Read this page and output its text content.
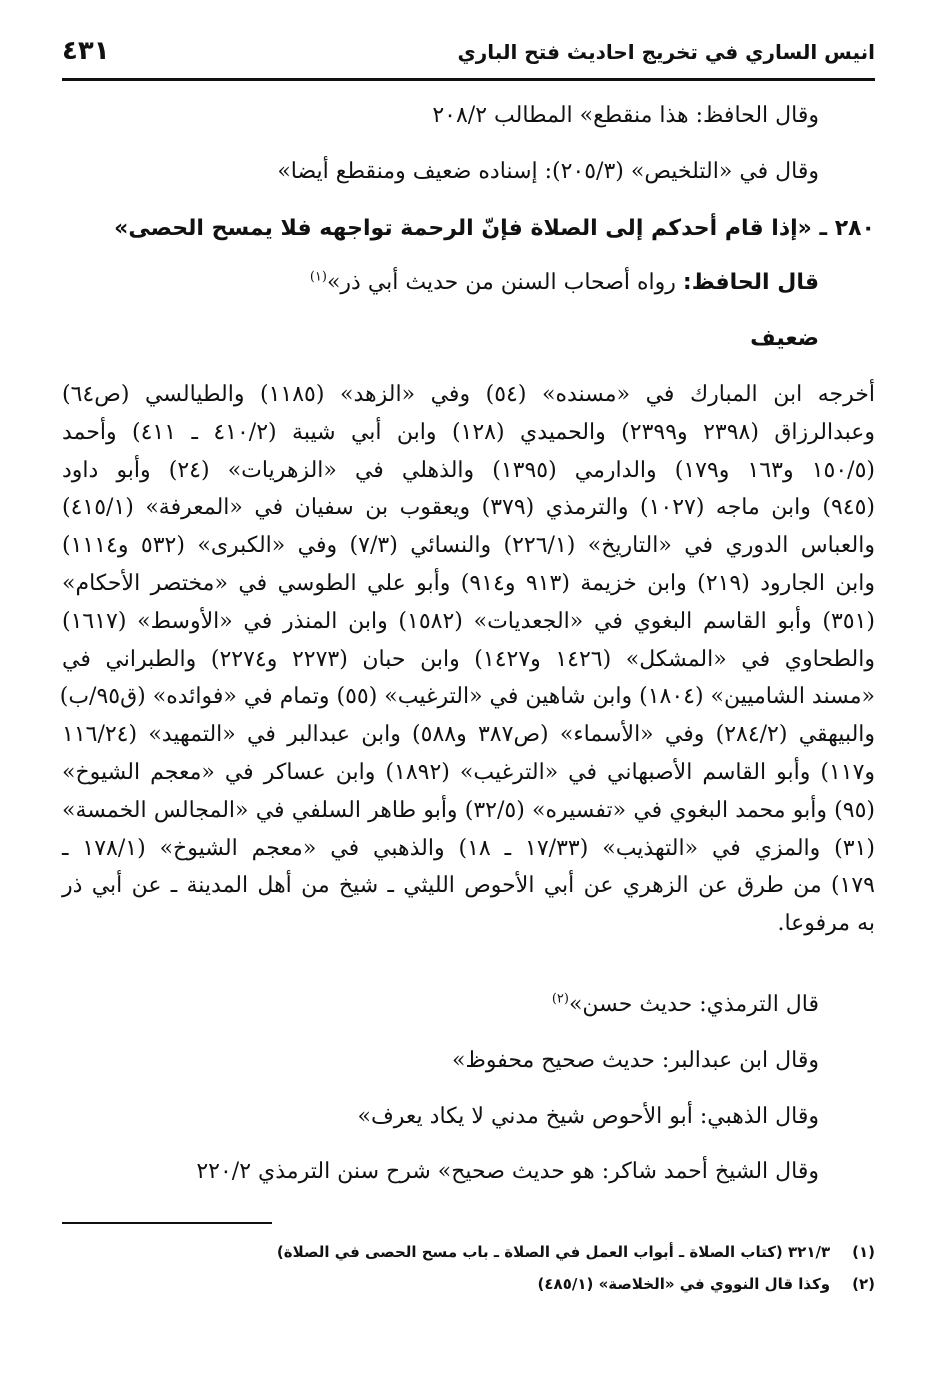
انيس الساري في تخريج احاديث فتح الباري
٤٣١
وقال الحافظ: هذا منقطع» المطالب ٢٠٨/٢
وقال في «التلخيص» (٢٠٥/٣): إسناده ضعيف ومنقطع أيضا»
٢٨٠ ـ «إذا قام أحدكم إلى الصلاة فإنّ الرحمة تواجهه فلا يمسح الحصى»
قال الحافظ: رواه أصحاب السنن من حديث أبي ذر»$^{(١)}$
ضعيف
أخرجه ابن المبارك في «مسنده» (٥٤) وفي «الزهد» (١١٨٥) والطيالسي (ص٦٤)
وعبدالرزاق (٢٣٩٨ و٢٣٩٩) والحميدي (١٢٨) وابن أبي شيبة (٤١٠/٢ ـ ٤١١) وأحمد
(١٥٠/٥ و١٦٣ و١٧٩) والدارمي (١٣٩٥) والذهلي في «الزهريات» (٢٤) وأبو داود
(٩٤٥) وابن ماجه (١٠٢٧) والترمذي (٣٧٩) ويعقوب بن سفيان في «المعرفة» (٤١٥/١)
والعباس الدوري في «التاريخ» (٢٢٦/١) والنسائي (٧/٣) وفي «الكبرى» (٥٣٢ و١١١٤)
وابن الجارود (٢١٩) وابن خزيمة (٩١٣ و٩١٤) وأبو علي الطوسي في «مختصر الأحكام»
(٣٥١) وأبو القاسم البغوي في «الجعديات» (١٥٨٢) وابن المنذر في «الأوسط» (١٦١٧)
والطحاوي في «المشكل» (١٤٢٦ و١٤٢٧) وابن حبان (٢٢٧٣ و٢٢٧٤) والطبراني في
«مسند الشاميين» (١٨٠٤) وابن شاهين في «الترغيب» (٥٥) وتمام في «فوائده» (ق٩٥/ب)
والبيهقي (٢٨٤/٢) وفي «الأسماء» (ص٣٨٧ و٥٨٨) وابن عبدالبر في «التمهيد» (١١٦/٢٤
و١١٧) وأبو القاسم الأصبهاني في «الترغيب» (١٨٩٢) وابن عساكر في «معجم الشيوخ»
(٩٥) وأبو محمد البغوي في «تفسيره» (٣٢/٥) وأبو طاهر السلفي في «المجالس الخمسة»
(٣١) والمزي في «التهذيب» (١٧/٣٣ ـ ١٨) والذهبي في «معجم الشيوخ» (١٧٨/١ ـ
١٧٩) من طرق عن الزهري عن أبي الأحوص الليثي ـ شيخ من أهل المدينة ـ عن أبي ذر
به مرفوعا.
قال الترمذي: حديث حسن»$^{(٢)}$
وقال ابن عبدالبر: حديث صحيح محفوظ»
وقال الذهبي: أبو الأحوص شيخ مدني لا يكاد يعرف»
وقال الشيخ أحمد شاكر: هو حديث صحيح» شرح سنن الترمذي ٢٢٠/٢
(١)٣٢١/٣ (كتاب الصلاة ـ أبواب العمل في الصلاة ـ باب مسح الحصى في الصلاة)
(٢)وكذا قال النووي في «الخلاصة» (٤٨٥/١)
